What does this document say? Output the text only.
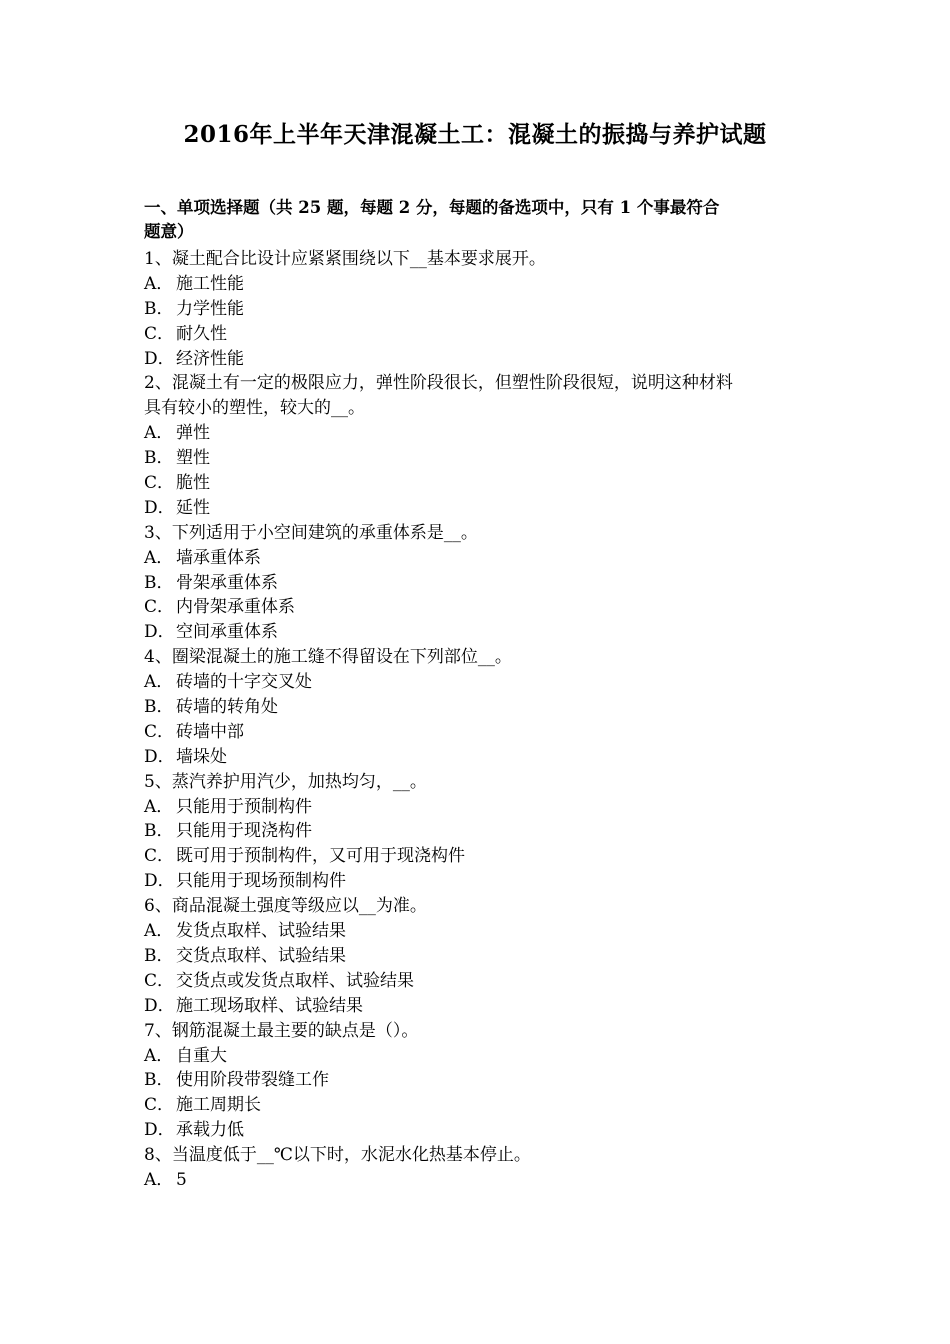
2016年上半年天津混凝土工：混凝土的振捣与养护试题
一、单项选择题（共 25 题，每题 2 分，每题的备选项中，只有 1 个事最符合
题意）
1、凝土配合比设计应紧紧围绕以下__基本要求展开。
A． 施工性能
B． 力学性能
C． 耐久性
D．经济性能
2、混凝土有一定的极限应力，弹性阶段很长，但塑性阶段很短，说明这种材料
具有较小的塑性，较大的__。
A． 弹性
B． 塑性
C． 脆性
D．延性
3、下列适用于小空间建筑的承重体系是__。
A． 墙承重体系
B． 骨架承重体系
C． 内骨架承重体系
D．空间承重体系
4、圈梁混凝土的施工缝不得留设在下列部位__。
A． 砖墙的十字交叉处
B． 砖墙的转角处
C． 砖墙中部
D．墙垛处
5、蒸汽养护用汽少，加热均匀，__。
A． 只能用于预制构件
B． 只能用于现浇构件
C． 既可用于预制构件，又可用于现浇构件
D．只能用于现场预制构件
6、商品混凝土强度等级应以__为准。
A． 发货点取样、试验结果
B． 交货点取样、试验结果
C． 交货点或发货点取样、试验结果
D．施工现场取样、试验结果
7、钢筋混凝土最主要的缺点是（）。
A． 自重大
B． 使用阶段带裂缝工作
C． 施工周期长
D．承载力低
8、当温度低于__℃以下时，水泥水化热基本停止。
A． 5
